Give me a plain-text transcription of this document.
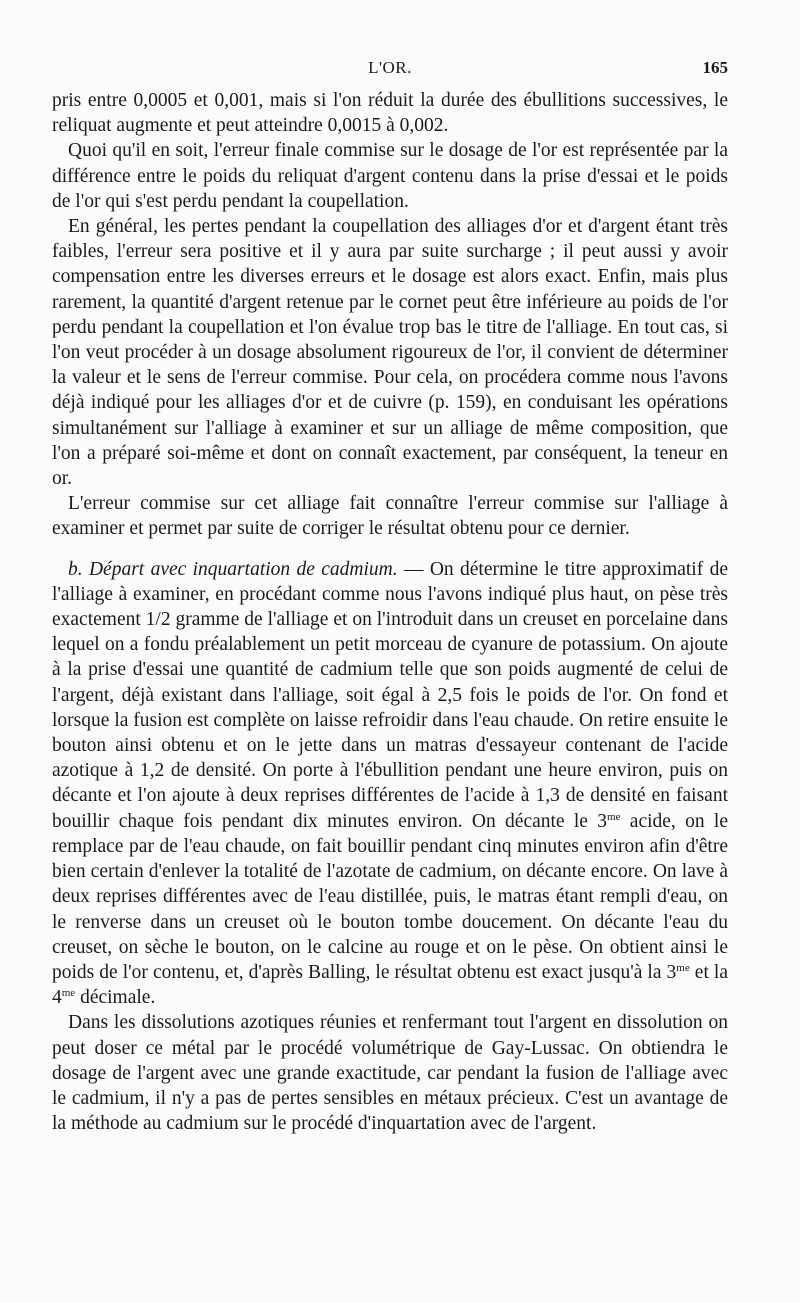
L'OR.	165

pris entre 0,0005 et 0,001, mais si l'on réduit la durée des ébullitions successives, le reliquat augmente et peut atteindre 0,0015 à 0,002.

Quoi qu'il en soit, l'erreur finale commise sur le dosage de l'or est représentée par la différence entre le poids du reliquat d'argent contenu dans la prise d'essai et le poids de l'or qui s'est perdu pendant la coupellation.

En général, les pertes pendant la coupellation des alliages d'or et d'argent étant très faibles, l'erreur sera positive et il y aura par suite surcharge ; il peut aussi y avoir compensation entre les diverses erreurs et le dosage est alors exact. Enfin, mais plus rarement, la quantité d'argent retenue par le cornet peut être inférieure au poids de l'or perdu pendant la coupellation et l'on évalue trop bas le titre de l'alliage. En tout cas, si l'on veut procéder à un dosage absolument rigoureux de l'or, il convient de déterminer la valeur et le sens de l'erreur commise. Pour cela, on procédera comme nous l'avons déjà indiqué pour les alliages d'or et de cuivre (p. 159), en conduisant les opérations simultanément sur l'alliage à examiner et sur un alliage de même composition, que l'on a préparé soi-même et dont on connaît exactement, par conséquent, la teneur en or.

L'erreur commise sur cet alliage fait connaître l'erreur commise sur l'alliage à examiner et permet par suite de corriger le résultat obtenu pour ce dernier.

b. Départ avec inquartation de cadmium. — On détermine le titre approximatif de l'alliage à examiner, en procédant comme nous l'avons indiqué plus haut, on pèse très exactement 1/2 gramme de l'alliage et on l'introduit dans un creuset en porcelaine dans lequel on a fondu préalablement un petit morceau de cyanure de potassium. On ajoute à la prise d'essai une quantité de cadmium telle que son poids augmenté de celui de l'argent, déjà existant dans l'alliage, soit égal à 2,5 fois le poids de l'or. On fond et lorsque la fusion est complète on laisse refroidir dans l'eau chaude. On retire ensuite le bouton ainsi obtenu et on le jette dans un matras d'essayeur contenant de l'acide azotique à 1,2 de densité. On porte à l'ébullition pendant une heure environ, puis on décante et l'on ajoute à deux reprises différentes de l'acide à 1,3 de densité en faisant bouillir chaque fois pendant dix minutes environ. On décante le $3^{me}$ acide, on le remplace par de l'eau chaude, on fait bouillir pendant cinq minutes environ afin d'être bien certain d'enlever la totalité de l'azotate de cadmium, on décante encore. On lave à deux reprises différentes avec de l'eau distillée, puis, le matras étant rempli d'eau, on le renverse dans un creuset où le bouton tombe doucement. On décante l'eau du creuset, on sèche le bouton, on le calcine au rouge et on le pèse. On obtient ainsi le poids de l'or contenu, et, d'après Balling, le résultat obtenu est exact jusqu'à la $3^{me}$ et la $4^{me}$ décimale.

Dans les dissolutions azotiques réunies et renfermant tout l'argent en dissolution on peut doser ce métal par le procédé volumétrique de Gay-Lussac. On obtiendra le dosage de l'argent avec une grande exactitude, car pendant la fusion de l'alliage avec le cadmium, il n'y a pas de pertes sensibles en métaux précieux. C'est un avantage de la méthode au cadmium sur le procédé d'inquartation avec de l'argent.
